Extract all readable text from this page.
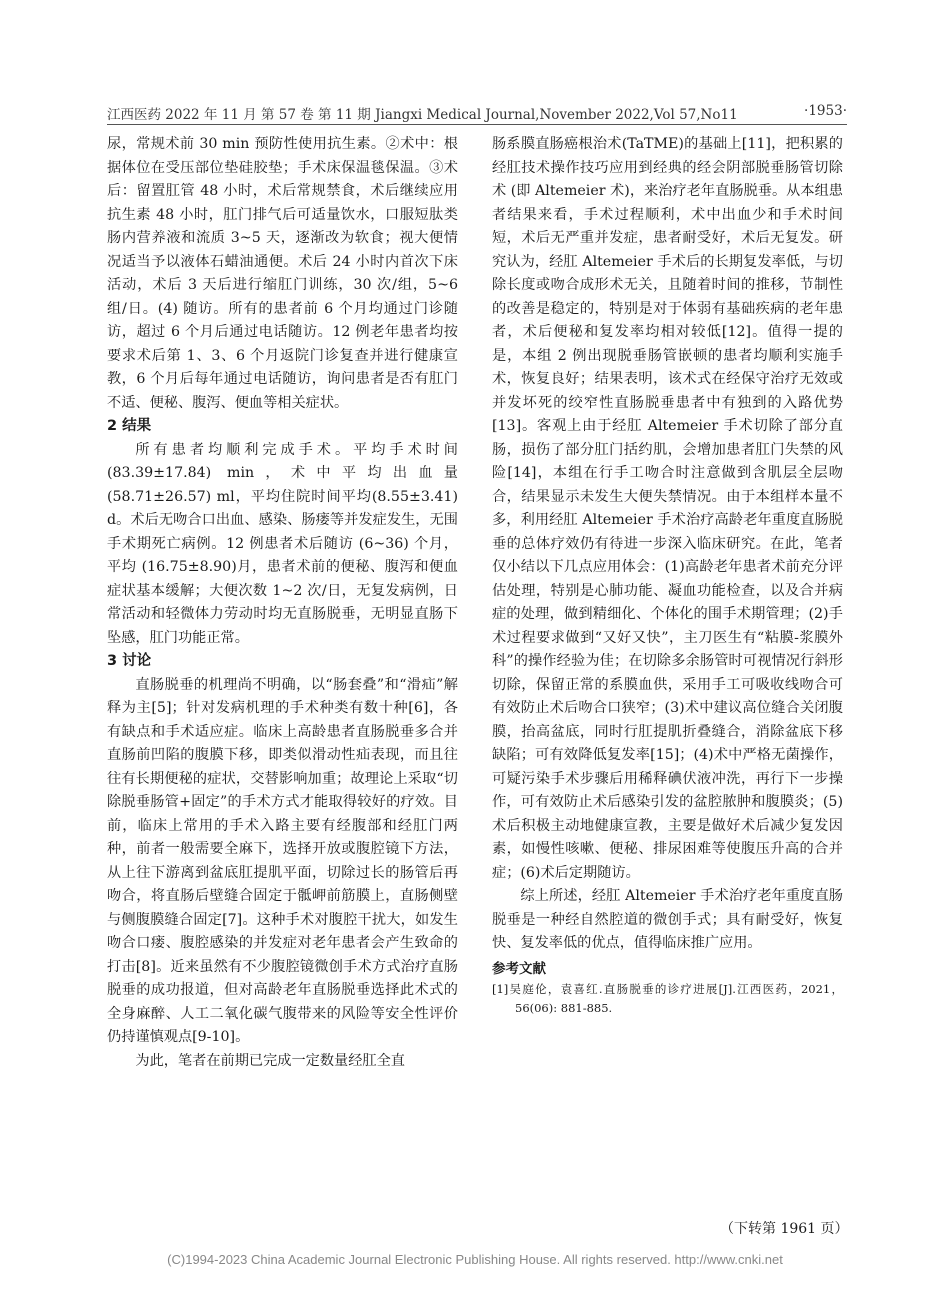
江西医药 2022 年 11 月 第 57 卷 第 11 期 Jiangxi Medical Journal,November 2022,Vol 57,No11	·1953·

尿，常规术前 30 min 预防性使用抗生素。②术中：根据体位在受压部位垫硅胶垫；手术床保温毯保温。③术后：留置肛管 48 小时，术后常规禁食，术后继续应用抗生素 48 小时，肛门排气后可适量饮水，口服短肽类肠内营养液和流质 3~5 天，逐渐改为软食；视大便情况适当予以液体石蜡油通便。术后 24 小时内首次下床活动，术后 3 天后进行缩肛门训练，30 次/组，5~6 组/日。(4) 随访。所有的患者前 6 个月均通过门诊随访，超过 6 个月后通过电话随访。12 例老年患者均按要求术后第 1、3、6 个月返院门诊复查并进行健康宣教，6 个月后每年通过电话随访，询问患者是否有肛门不适、便秘、腹泻、便血等相关症状。

2 结果

所有患者均顺利完成手术。平均手术时间 (83.39±17.84) min，术中平均出血量 (58.71±26.57) ml，平均住院时间平均(8.55±3.41) d。术后无吻合口出血、感染、肠瘘等并发症发生，无围手术期死亡病例。12 例患者术后随访 (6~36) 个月，平均 (16.75±8.90)月，患者术前的便秘、腹泻和便血症状基本缓解；大便次数 1~2 次/日，无复发病例，日常活动和轻微体力劳动时均无直肠脱垂，无明显直肠下坠感，肛门功能正常。

3 讨论

直肠脱垂的机理尚不明确，以“肠套叠”和“滑疝”解释为主[5]；针对发病机理的手术种类有数十种[6]，各有缺点和手术适应症。临床上高龄患者直肠脱垂多合并直肠前凹陷的腹膜下移，即类似滑动性疝表现，而且往往有长期便秘的症状，交替影响加重；故理论上采取“切除脱垂肠管+固定”的手术方式才能取得较好的疗效。目前，临床上常用的手术入路主要有经腹部和经肛门两种，前者一般需要全麻下，选择开放或腹腔镜下方法，从上往下游离到盆底肛提肌平面，切除过长的肠管后再吻合，将直肠后壁缝合固定于骶岬前筋膜上，直肠侧壁与侧腹膜缝合固定[7]。这种手术对腹腔干扰大，如发生吻合口瘘、腹腔感染的并发症对老年患者会产生致命的打击[8]。近来虽然有不少腹腔镜微创手术方式治疗直肠脱垂的成功报道，但对高龄老年直肠脱垂选择此术式的全身麻醉、人工二氧化碳气腹带来的风险等安全性评价仍持谨慎观点[9-10]。

为此，笔者在前期已完成一定数量经肛全直

肠系膜直肠癌根治术(TaTME)的基础上[11]，把积累的经肛技术操作技巧应用到经典的经会阴部脱垂肠管切除术 (即 Altemeier 术)，来治疗老年直肠脱垂。从本组患者结果来看，手术过程顺利，术中出血少和手术时间短，术后无严重并发症，患者耐受好，术后无复发。研究认为，经肛 Altemeier 手术后的长期复发率低，与切除长度或吻合成形术无关，且随着时间的推移，节制性的改善是稳定的，特别是对于体弱有基础疾病的老年患者，术后便秘和复发率均相对较低[12]。值得一提的是，本组 2 例出现脱垂肠管嵌顿的患者均顺利实施手术，恢复良好；结果表明，该术式在经保守治疗无效或并发坏死的绞窄性直肠脱垂患者中有独到的入路优势[13]。客观上由于经肛 Altemeier 手术切除了部分直肠，损伤了部分肛门括约肌，会增加患者肛门失禁的风险[14]，本组在行手工吻合时注意做到含肌层全层吻合，结果显示未发生大便失禁情况。由于本组样本量不多，利用经肛 Altemeier 手术治疗高龄老年重度直肠脱垂的总体疗效仍有待进一步深入临床研究。在此，笔者仅小结以下几点应用体会：(1)高龄老年患者术前充分评估处理，特别是心肺功能、凝血功能检查，以及合并病症的处理，做到精细化、个体化的围手术期管理；(2)手术过程要求做到“又好又快”，主刀医生有“粘膜-浆膜外科”的操作经验为佳；在切除多余肠管时可视情况行斜形切除，保留正常的系膜血供，采用手工可吸收线吻合可有效防止术后吻合口狭窄；(3)术中建议高位缝合关闭腹膜，抬高盆底，同时行肛提肌折叠缝合，消除盆底下移缺陷；可有效降低复发率[15]；(4)术中严格无菌操作，可疑污染手术步骤后用稀释碘伏液冲洗，再行下一步操作，可有效防止术后感染引发的盆腔脓肿和腹膜炎；(5)术后积极主动地健康宣教，主要是做好术后减少复发因素，如慢性咳嗽、便秘、排尿困难等使腹压升高的合并症；(6)术后定期随访。

综上所述，经肛 Altemeier 手术治疗老年重度直肠脱垂是一种经自然腔道的微创手式；具有耐受好，恢复快、复发率低的优点，值得临床推广应用。

参考文献

[1]吴庭伦，袁喜红.直肠脱垂的诊疗进展[J].江西医药，2021，56(06): 881-885.

（下转第 1961 页）
(C)1994-2023 China Academic Journal Electronic Publishing House. All rights reserved. http://www.cnki.net
